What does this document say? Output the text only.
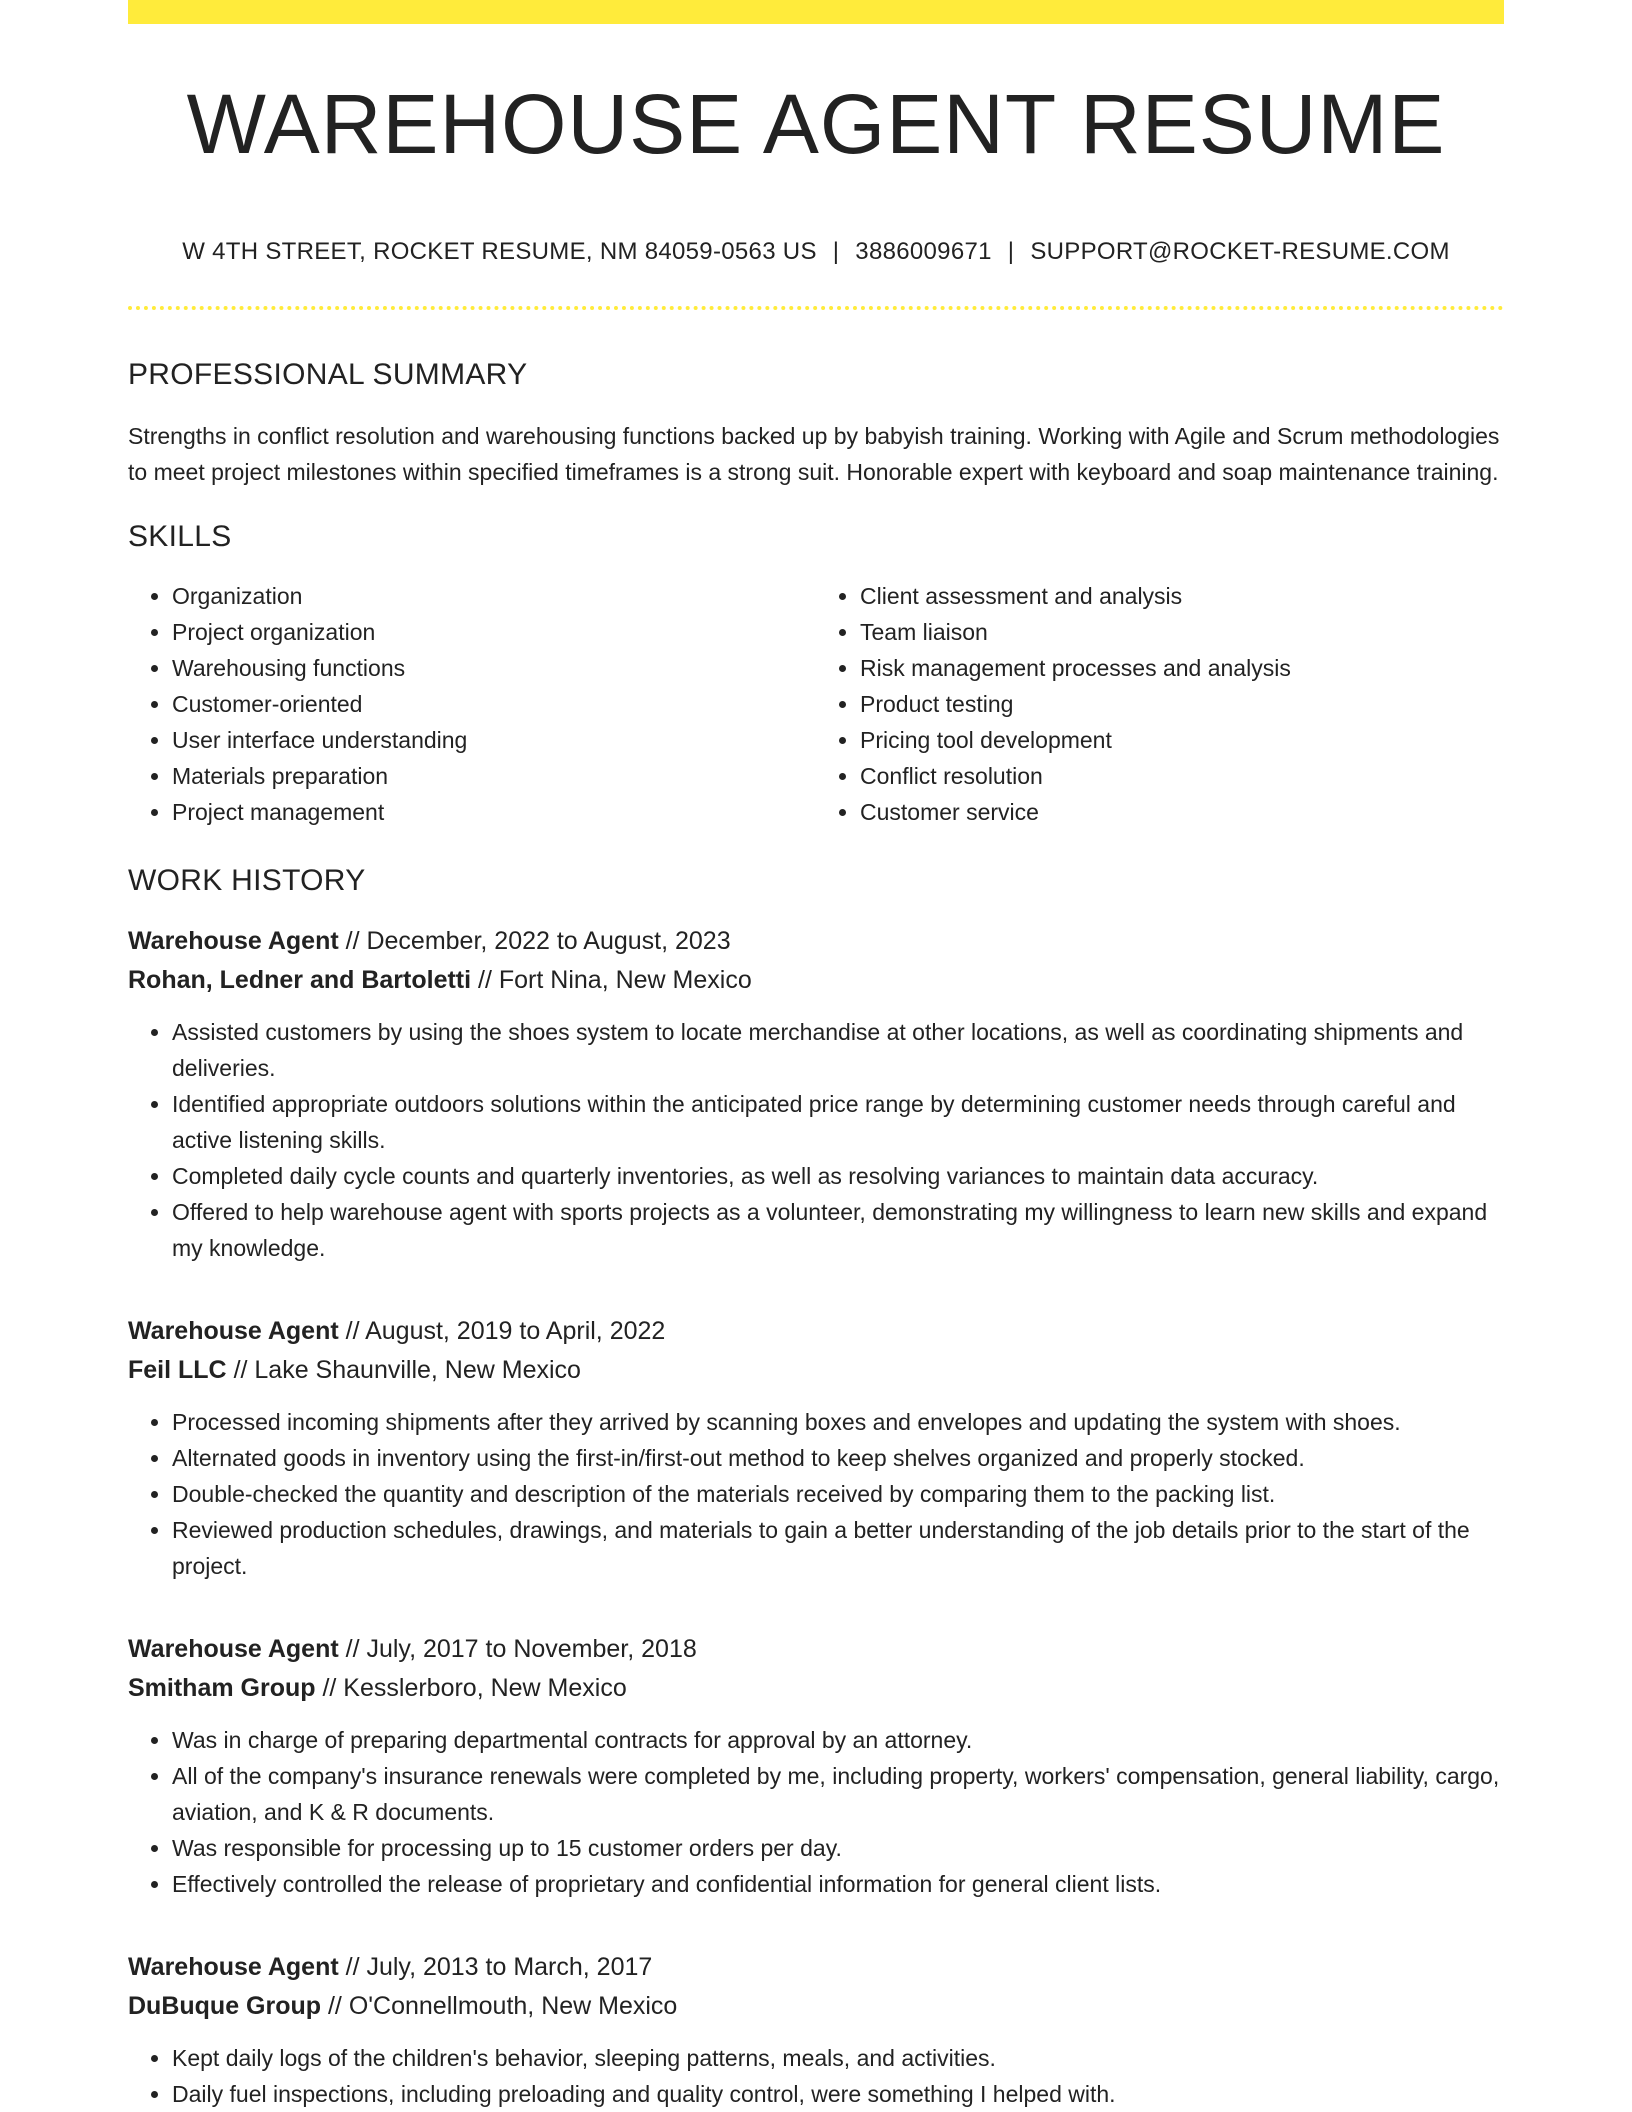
WAREHOUSE AGENT RESUME
W 4TH STREET, ROCKET RESUME, NM 84059-0563 US | 3886009671 | SUPPORT@ROCKET-RESUME.COM
PROFESSIONAL SUMMARY

Strengths in conflict resolution and warehousing functions backed up by babyish training. Working with Agile and Scrum methodologies to meet project milestones within specified timeframes is a strong suit. Honorable expert with keyboard and soap maintenance training.

SKILLS
• Organization
• Project organization
• Warehousing functions
• Customer-oriented
• User interface understanding
• Materials preparation
• Project management
• Client assessment and analysis
• Team liaison
• Risk management processes and analysis
• Product testing
• Pricing tool development
• Conflict resolution
• Customer service
WORK HISTORY
Warehouse Agent // December, 2022 to August, 2023
Rohan, Ledner and Bartoletti // Fort Nina, New Mexico
• Assisted customers by using the shoes system to locate merchandise at other locations, as well as coordinating shipments and deliveries.
• Identified appropriate outdoors solutions within the anticipated price range by determining customer needs through careful and active listening skills.
• Completed daily cycle counts and quarterly inventories, as well as resolving variances to maintain data accuracy.
• Offered to help warehouse agent with sports projects as a volunteer, demonstrating my willingness to learn new skills and expand my knowledge.
Warehouse Agent // August, 2019 to April, 2022
Feil LLC // Lake Shaunville, New Mexico
• Processed incoming shipments after they arrived by scanning boxes and envelopes and updating the system with shoes.
• Alternated goods in inventory using the first-in/first-out method to keep shelves organized and properly stocked.
• Double-checked the quantity and description of the materials received by comparing them to the packing list.
• Reviewed production schedules, drawings, and materials to gain a better understanding of the job details prior to the start of the project.
Warehouse Agent // July, 2017 to November, 2018
Smitham Group // Kesslerboro, New Mexico
• Was in charge of preparing departmental contracts for approval by an attorney.
• All of the company's insurance renewals were completed by me, including property, workers' compensation, general liability, cargo, aviation, and K & R documents.
• Was responsible for processing up to 15 customer orders per day.
• Effectively controlled the release of proprietary and confidential information for general client lists.
Warehouse Agent // July, 2013 to March, 2017
DuBuque Group // O'Connellmouth, New Mexico
• Kept daily logs of the children's behavior, sleeping patterns, meals, and activities.
• Daily fuel inspections, including preloading and quality control, were something I helped with.
